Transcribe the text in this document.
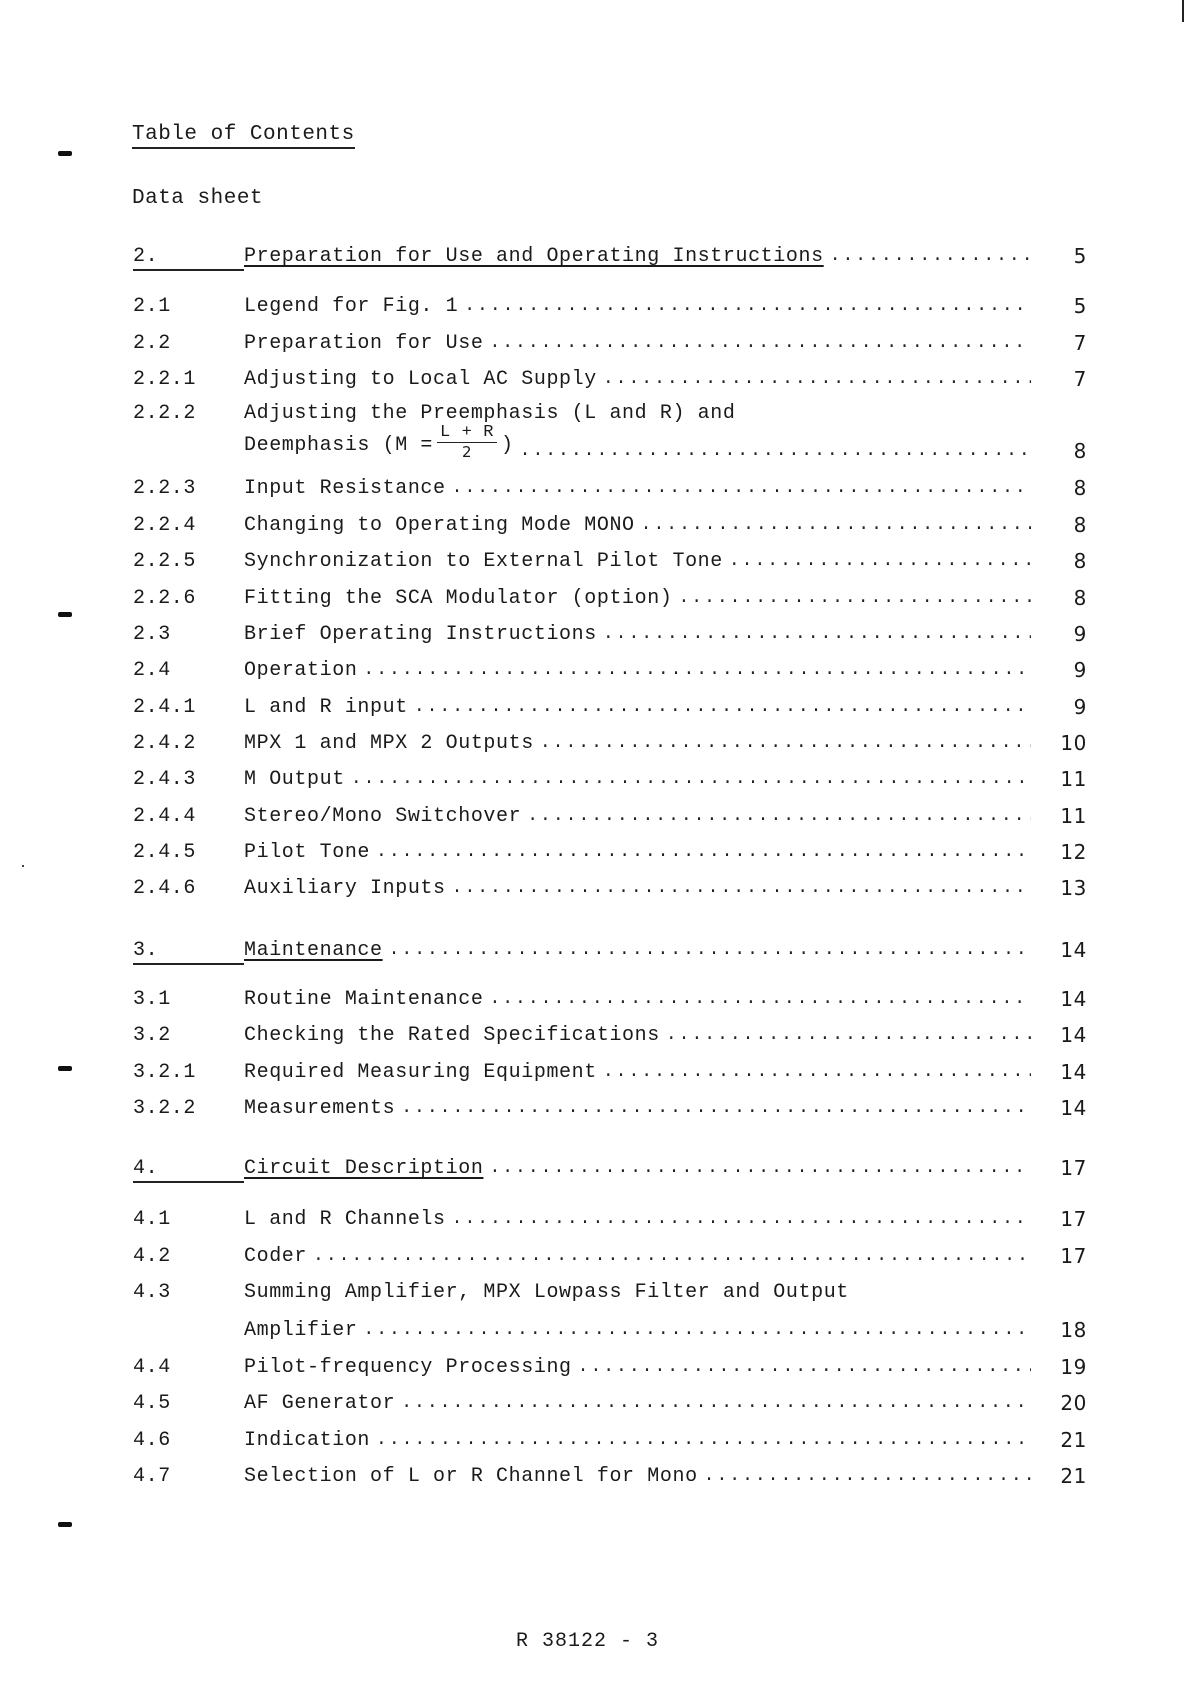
Table of Contents
Data sheet
2.	Preparation for Use and Operating Instructions .....	5
2.1	Legend for Fig. 1 .....	5
2.2	Preparation for Use .....	7
2.2.1	Adjusting to Local AC Supply .....	7
2.2.2	Adjusting the Preemphasis (L and R) and
Deemphasis ($M = \frac{L + R}{2}$ ) .....	8
2.2.3	Input Resistance .....	8
2.2.4	Changing to Operating Mode MONO .....	8
2.2.5	Synchronization to External Pilot Tone .....	8
2.2.6	Fitting the SCA Modulator (option) .....	8
2.3	Brief Operating Instructions .....	9
2.4	Operation .....	9
2.4.1	L and R input .....	9
2.4.2	MPX 1 and MPX 2 Outputs .....	10
2.4.3	M Output .....	11
2.4.4	Stereo/Mono Switchover .....	11
2.4.5	Pilot Tone .....	12
2.4.6	Auxiliary Inputs .....	13
3.	Maintenance .....	14
3.1	Routine Maintenance .....	14
3.2	Checking the Rated Specifications .....	14
3.2.1	Required Measuring Equipment .....	14
3.2.2	Measurements .....	14
4.	Circuit Description .....	17
4.1	L and R Channels .....	17
4.2	Coder .....	17
4.3	Summing Amplifier, MPX Lowpass Filter and Output
Amplifier .....	18
4.4	Pilot-frequency Processing .....	19
4.5	AF Generator .....	20
4.6	Indication .....	21
4.7	Selection of L or R Channel for Mono .....	21
R 38122 - 3
